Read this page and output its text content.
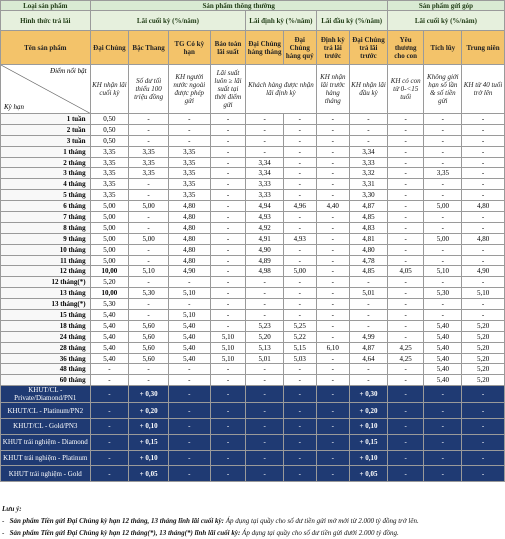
Loại sản phẩm	Sản phẩm thông thường								Sản phẩm gửi góp		
Hình thức trả lãi	Lãi cuối kỳ (%/năm)				Lãi định kỳ (%/năm)		Lãi đầu kỳ (%/năm)		Lãi cuối kỳ (%/năm)		
Tên sản phẩm	Đại Chúng	Bậc Thang	TG Có kỳ hạn	Bảo toàn lãi suất	Đại Chúng hàng tháng	Đại Chúng hàng quý	Định kỳ trả lãi trước	Đại Chúng trả lãi trước	Yêu thương cho con	Tích lũy	Trung niên

Điểm nổi bật
Kỳ hạn	KH nhận lãi cuối kỳ	Số dư tối thiểu 100 triệu đồng	KH người nước ngoài được phép gửi	Lãi suất luôn ≥ lãi suất tại thời điểm gửi	Khách hàng được nhận lãi định kỳ		KH nhận lãi trước hàng tháng	KH nhận lãi đầu kỳ	KH có con từ 0-<15 tuổi	Không giới hạn số lần & số tiền gửi	KH từ 40 tuổi trở lên
1 tuần	0,50	-	-	-	-	-	-	-	-	-	-
2 tuần	0,50	-	-	-	-	-	-	-	-	-	-
3 tuần	0,50	-	-	-	-	-	-	-	-	-	-
1 tháng	3,35	3,35	3,35	-	-	-	-	3,34	-	-	-
2 tháng	3,35	3,35	3,35	-	3,34	-	-	3,33	-	-	-
3 tháng	3,35	3,35	3,35	-	3,34	-	-	3,32	-	3,35	-
4 tháng	3,35	-	3,35	-	3,33	-	-	3,31	-	-	-
5 tháng	3,35	-	3,35	-	3,33	-	-	3,30	-	-	-
6 tháng	5,00	5,00	4,80	-	4,94	4,96	4,40	4,87	-	5,00	4,80
7 tháng	5,00	-	4,80	-	4,93	-	-	4,85	-	-	-
8 tháng	5,00	-	4,80	-	4,92	-	-	4,83	-	-	-
9 tháng	5,00	5,00	4,80	-	4,91	4,93	-	4,81	-	5,00	4,80
10 tháng	5,00	-	4,80	-	4,90	-	-	4,80	-	-	-
11 tháng	5,00	-	4,80	-	4,89	-	-	4,78	-	-	-
12 tháng	10,00	5,10	4,90	-	4,98	5,00	-	4,85	4,05	5,10	4,90
12 tháng(*)	5,20	-	-	-	-	-	-	-	-	-	-
13 tháng	10,00	5,30	5,10	-	-	-	-	5,01	-	5,30	5,10
13 tháng(*)	5,30	-	-	-	-	-	-	-	-	-	-
15 tháng	5,40	-	5,10	-	-	-	-	-	-	-	-
18 tháng	5,40	5,60	5,40	-	5,23	5,25	-	-	-	5,40	5,20
24 tháng	5,40	5,60	5,40	5,10	5,20	5,22	-	4,99	-	5,40	5,20
28 tháng	5,40	5,60	5,40	5,10	5,13	5,15	6,10	4,87	4,25	5,40	5,20
36 tháng	5,40	5,60	5,40	5,10	5,01	5,03	-	4,64	4,25	5,40	5,20
48 tháng	-	-	-	-	-	-	-	-	-	5,40	5,20
60 tháng	-	-	-	-	-	-	-	-	-	5,40	5,20
KHUT/CL - Private/Diamond/PN1	-	+ 0,30	-	-	-	-	-	+ 0,30	-	-	-
KHUT/CL - Platinum/PN2	-	+ 0,20	-	-	-	-	-	+ 0,20	-	-	-
KHUT/CL - Gold/PN3	-	+ 0,10	-	-	-	-	-	+ 0,10	-	-	-
KHUT trải nghiệm - Diamond	-	+ 0,15	-	-	-	-	-	+ 0,15	-	-	-
KHUT trải nghiệm - Platinum	-	+ 0,10	-	-	-	-	-	+ 0,10	-	-	-
KHUT trải nghiệm - Gold	-	+ 0,05	-	-	-	-	-	+ 0,05	-	-	-
Lưu ý:
-   Sản phẩm Tiền gửi Đại Chúng kỳ hạn 12 tháng, 13 tháng lĩnh lãi cuối kỳ: Áp dụng tại quầy cho số dư tiền gửi mở mới từ 2.000 tỷ đồng trở lên.
-   Sản phẩm Tiền gửi Đại Chúng kỳ hạn 12 tháng(*), 13 tháng(*) lĩnh lãi cuối kỳ: Áp dụng tại quầy cho số dư tiền gửi dưới 2.000 tỷ đồng.
